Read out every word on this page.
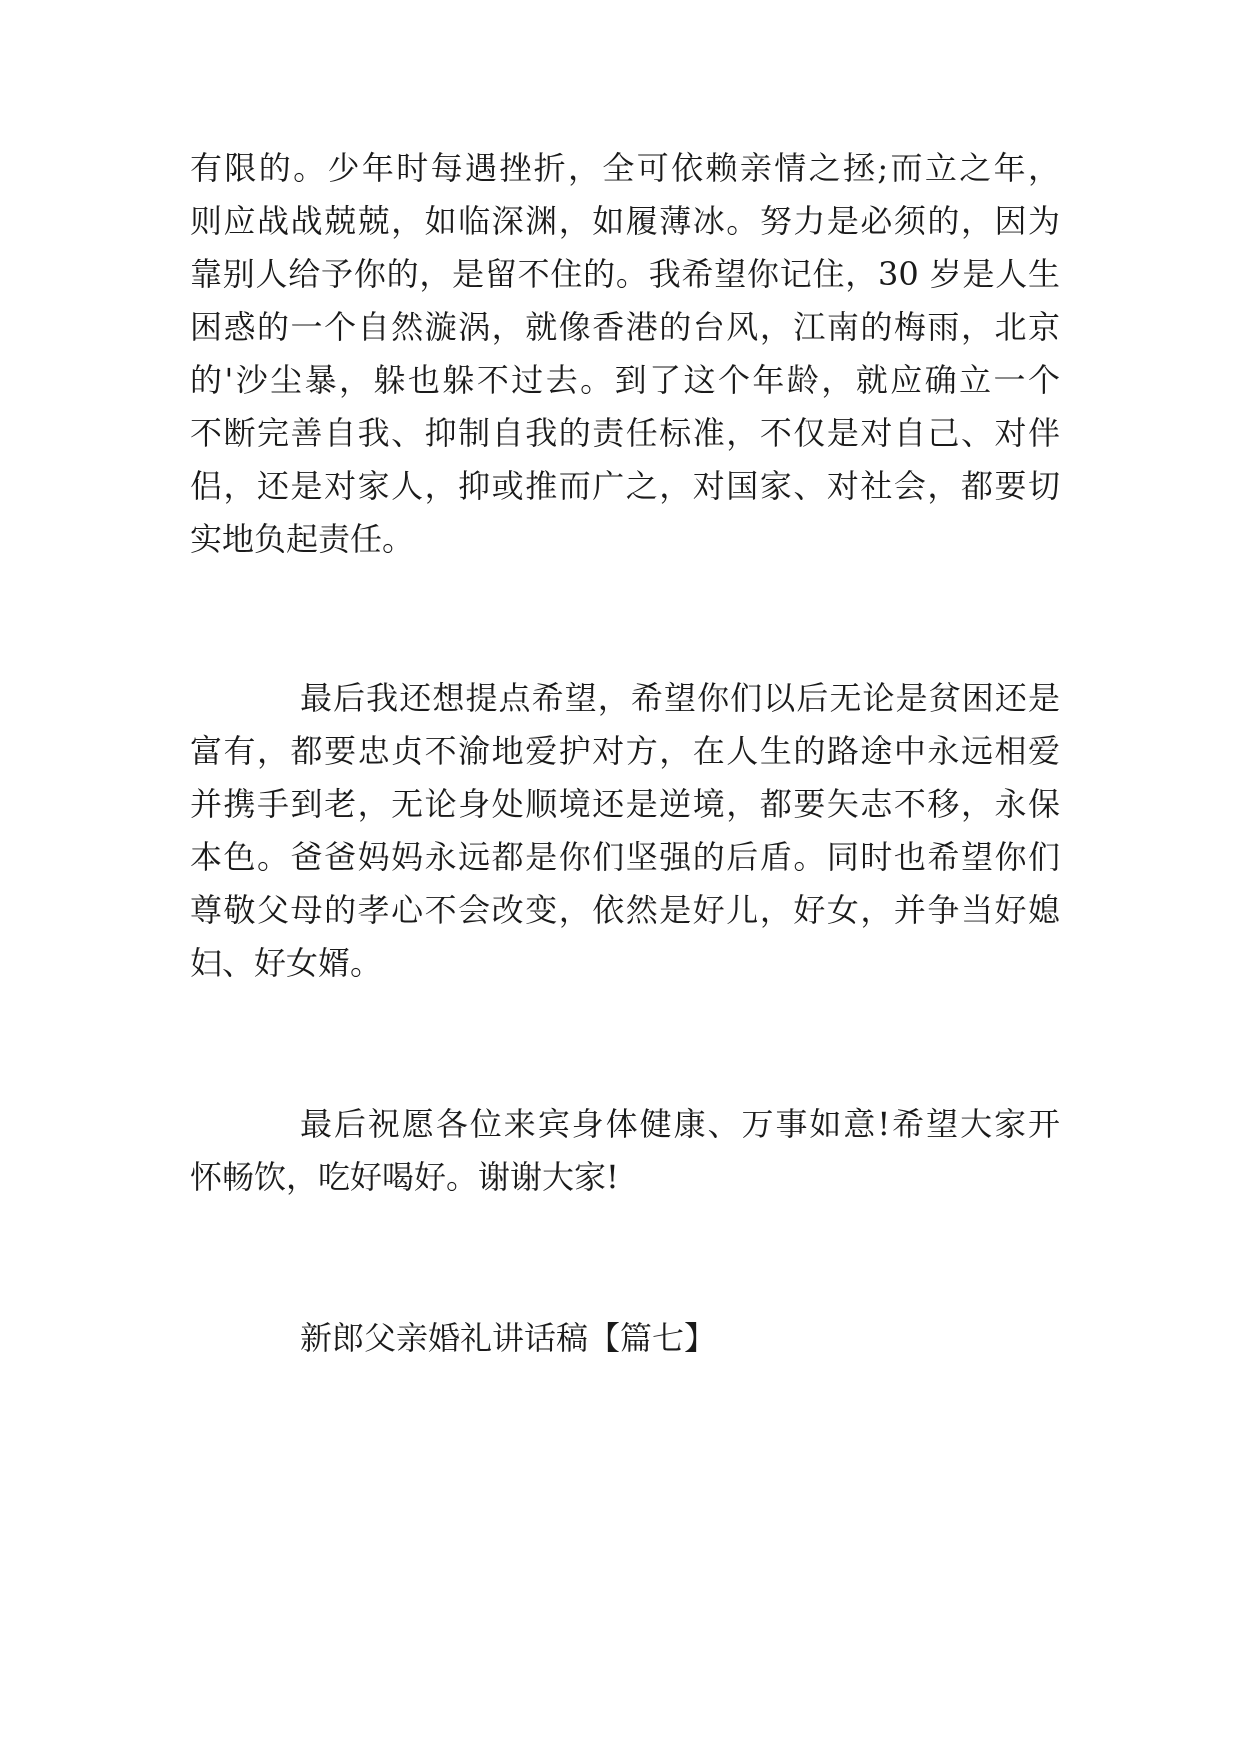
有限的。少年时每遇挫折，全可依赖亲情之拯;而立之年，
则应战战兢兢，如临深渊，如履薄冰。努力是必须的，因为
靠别人给予你的，是留不住的。我希望你记住，30 岁是人生
困惑的一个自然漩涡，就像香港的台风，江南的梅雨，北京
的'沙尘暴，躲也躲不过去。到了这个年龄，就应确立一个
不断完善自我、抑制自我的责任标准，不仅是对自己、对伴
侣，还是对家人，抑或推而广之，对国家、对社会，都要切
实地负起责任。
最后我还想提点希望，希望你们以后无论是贫困还是
富有，都要忠贞不渝地爱护对方，在人生的路途中永远相爱
并携手到老，无论身处顺境还是逆境，都要矢志不移，永保
本色。爸爸妈妈永远都是你们坚强的后盾。同时也希望你们
尊敬父母的孝心不会改变，依然是好儿，好女，并争当好媳
妇、好女婿。
最后祝愿各位来宾身体健康、万事如意!希望大家开
怀畅饮，吃好喝好。谢谢大家!
新郎父亲婚礼讲话稿【篇七】
